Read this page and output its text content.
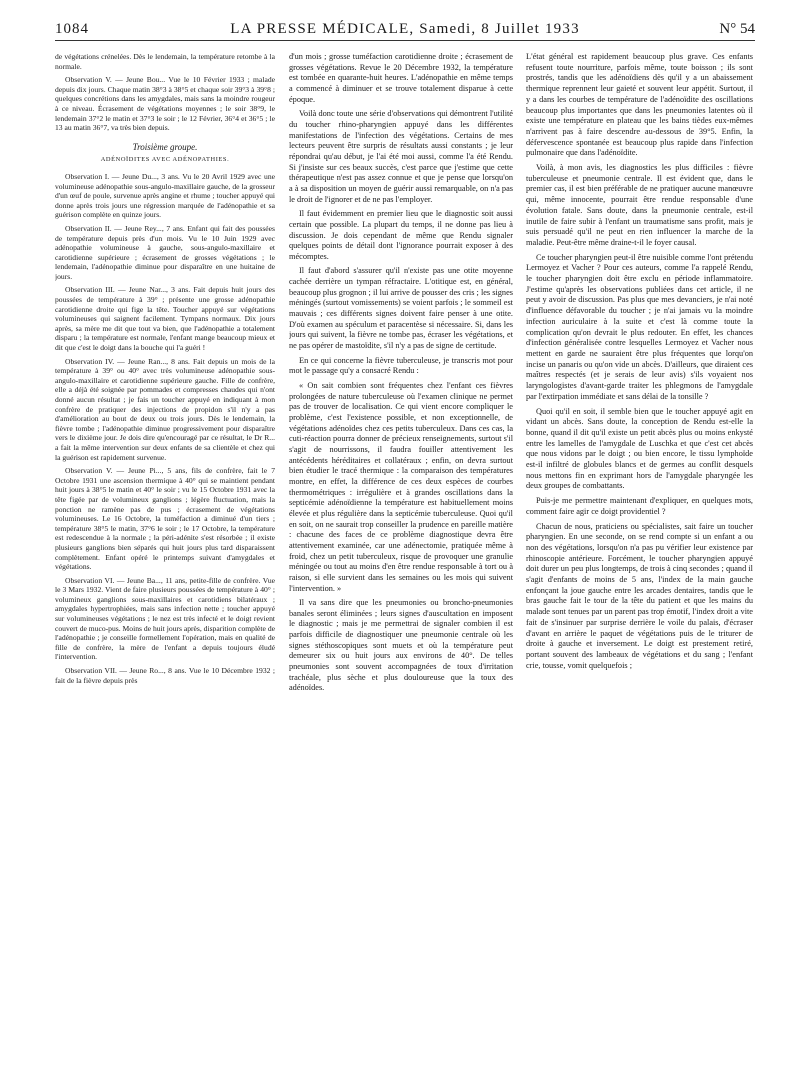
1084	LA PRESSE MÉDICALE, Samedi, 8 Juillet 1933	N° 54

de végétations crénelées. Dès le lendemain, la température retombe à la normale.

Observation V. — Jeune Bou... Vue le 10 Février 1933 ; malade depuis dix jours. Chaque matin 38°3 à 38°5 et chaque soir 39°3 à 39°8 ; quelques concrétions dans les amygdales, mais sans la moindre rougeur à ce niveau. Écrasement de végétations moyennes ; le soir 38°9, le lendemain 37°2 le matin et 37°3 le soir ; le 12 Février, 36°4 et 36°5 ; le 13 au matin 36°7, va très bien depuis.

Troisième groupe.
ADÉNOÏDITES AVEC ADÉNOPATHIES.

Observation I. — Jeune Du..., 3 ans. Vu le 20 Avril 1929 avec une volumineuse adénopathie sous-angulo-maxillaire gauche, de la grosseur d'un œuf de poule, survenue après angine et rhume ; toucher appuyé qui donne après trois jours une régression marquée de l'adénopathie et sa guérison complète en quinze jours.

Observation II. — Jeune Rey..., 7 ans. Enfant qui fait des poussées de température depuis près d'un mois. Vu le 10 Juin 1929 avec adénopathie volumineuse à gauche, sous-angulo-maxillaire et carotidienne supérieure ; écrasement de grosses végétations ; le lendemain, l'adénopathie diminue pour disparaître en une huitaine de jours.

Observation III. — Jeune Nar..., 3 ans. Fait depuis huit jours des poussées de température à 39° ; présente une grosse adénopathie carotidienne droite qui fige la tête. Toucher appuyé sur végétations volumineuses qui saignent facilement. Tympans normaux. Dix jours après, sa mère me dit que tout va bien, que l'adénopathie a totalement disparu ; la température est normale, l'enfant mange beaucoup mieux et dit que c'est le doigt dans la bouche qui l'a guéri !

Observation IV. — Jeune Ran..., 8 ans. Fait depuis un mois de la température à 39° ou 40° avec très volumineuse adénopathie sous-angulo-maxillaire et carotidienne supérieure gauche. Fille de confrère, elle a déjà été soignée par pommades et compresses chaudes qui n'ont donné aucun résultat ; je fais un toucher appuyé en indiquant à mon confrère de pratiquer des injections de propidon s'il n'y a pas d'amélioration au bout de deux ou trois jours. Dès le lendemain, la fièvre tombe ; l'adénopathie diminue progressivement pour disparaître vers le dixième jour. Je dois dire qu'encouragé par ce résultat, le Dr R... a fait la même intervention sur deux enfants de sa clientèle et chez qui la guérison est rapidement survenue.

Observation V. — Jeune Pi..., 5 ans, fils de confrère, fait le 7 Octobre 1931 une ascension thermique à 40° qui se maintient pendant huit jours à 38°5 le matin et 40° le soir ; vu le 15 Octobre 1931 avec la tête figée par de volumineux ganglions ; légère fluctuation, mais la ponction ne ramène pas de pus ; écrasement de végétations volumineuses. Le 16 Octobre, la tuméfaction a diminué d'un tiers ; température 38°5 le matin, 37°6 le soir ; le 17 Octobre, la température est redescendue à la normale ; la péri-adénite s'est résorbée ; il existe plusieurs ganglions bien séparés qui huit jours plus tard disparaissent complètement. Enfant opéré le printemps suivant d'amygdales et végétations.

Observation VI. — Jeune Ba..., 11 ans, petite-fille de confrère. Vue le 3 Mars 1932. Vient de faire plusieurs poussées de température à 40° ; volumineux ganglions sous-maxillaires et carotidiens bilatéraux ; amygdales hypertrophiées, mais sans infection nette ; toucher appuyé sur volumineuses végétations ; le nez est très infecté et le doigt revient couvert de muco-pus. Moins de huit jours après, disparition complète de l'adénopathie ; je conseille formellement l'opération, mais en qualité de fille de confrère, la mère de l'enfant a depuis toujours éludé l'intervention.

Observation VII. — Jeune Ro..., 8 ans. Vue le 10 Décembre 1932 ; fait de la fièvre depuis près

d'un mois ; grosse tuméfaction carotidienne droite ; écrasement de grosses végétations. Revue le 20 Décembre 1932, la température est tombée en quarante-huit heures. L'adénopathie en même temps a commencé à diminuer et se trouve totalement disparue à cette époque.

Voilà donc toute une série d'observations qui démontrent l'utilité du toucher rhino-pharyngien appuyé dans les différentes manifestations de l'infection des végétations. Certains de mes lecteurs peuvent être surpris de résultats aussi constants ; je leur répondrai qu'au début, je l'ai été moi aussi, comme l'a été Rendu. Si j'insiste sur ces beaux succès, c'est parce que j'estime que cette thérapeutique n'est pas assez connue et que je pense que lorsqu'on a à sa disposition un moyen de guérir aussi remarquable, on n'a pas le droit de l'ignorer et de ne pas l'employer.

Il faut évidemment en premier lieu que le diagnostic soit aussi certain que possible. La plupart du temps, il ne donne pas lieu à discussion. Je dois cependant de même que Rendu signaler quelques points de détail dont l'ignorance pourrait exposer à des mécomptes.

Il faut d'abord s'assurer qu'il n'existe pas une otite moyenne cachée derrière un tympan réfractaire. L'otitique est, en général, beaucoup plus grognon ; il lui arrive de pousser des cris ; les signes méningés (surtout vomissements) se voient parfois ; le sommeil est mauvais ; ces différents signes doivent faire penser à une otite. D'où examen au spéculum et paracentèse si nécessaire. Si, dans les jours qui suivent, la fièvre ne tombe pas, écraser les végétations, et ne pas opérer de mastoïdite, s'il n'y a pas de signe de certitude.

En ce qui concerne la fièvre tuberculeuse, je transcris mot pour mot le passage qu'y a consacré Rendu :

« On sait combien sont fréquentes chez l'enfant ces fièvres prolongées de nature tuberculeuse où l'examen clinique ne permet pas de trouver de localisation. Ce qui vient encore compliquer le problème, c'est l'existence possible, et non exceptionnelle, de végétations adénoïdes chez ces petits tuberculeux. Dans ces cas, la cuti-réaction pourra donner de précieux renseignements, surtout s'il s'agit de nourrissons, il faudra fouiller attentivement les antécédents héréditaires et collatéraux ; enfin, on devra surtout bien étudier le tracé thermique : la comparaison des températures montre, en effet, la différence de ces deux espèces de courbes thermométriques : irrégulière et à grandes oscillations dans la septicémie adénoïdienne la température est habituellement moins élevée et plus régulière dans la septicémie tuberculeuse. Quoi qu'il en soit, on ne saurait trop conseiller la prudence en pareille matière : chacune des faces de ce problème diagnostique devra être attentivement examinée, car une adénectomie, pratiquée même à froid, chez un petit tuberculeux, risque de provoquer une granulie méningée ou tout au moins d'en être rendue responsable à tort ou à raison, si elle survient dans les semaines ou les mois qui suivent l'intervention. »

Il va sans dire que les pneumonies ou broncho-pneumonies banales seront éliminées ; leurs signes d'auscultation en imposent le diagnostic ; mais je me permettrai de signaler combien il est parfois difficile de diagnostiquer une pneumonie centrale où les signes stéthoscopiques sont muets et où la température peut demeurer six ou huit jours aux environs de 40°. De telles pneumonies sont souvent accompagnées de toux d'irritation trachéale, plus sèche et plus douloureuse que la toux des adénoïdes.

L'état général est rapidement beaucoup plus grave. Ces enfants refusent toute nourriture, parfois même, toute boisson ; ils sont prostrés, tandis que les adénoïdiens dès qu'il y a un abaissement thermique reprennent leur gaieté et souvent leur appétit. Surtout, il y a dans les courbes de température de l'adénoïdite des oscillations beaucoup plus importantes que dans les pneumonies latentes où il existe une température en plateau que les bains tièdes eux-mêmes n'arrivent pas à faire descendre au-dessous de 39°5. Enfin, la défervescence spontanée est beaucoup plus rapide dans l'infection pulmonaire que dans l'adénoïdite.

Voilà, à mon avis, les diagnostics les plus difficiles : fièvre tuberculeuse et pneumonie centrale. Il est évident que, dans le premier cas, il est bien préférable de ne pratiquer aucune manœuvre qui, même innocente, pourrait être rendue responsable d'une évolution fatale. Sans doute, dans la pneumonie centrale, est-il inutile de faire subir à l'enfant un traumatisme sans profit, mais je suis persuadé qu'il ne peut en rien influencer la marche de la maladie. Peut-être même draine-t-il le foyer causal.

Ce toucher pharyngien peut-il être nuisible comme l'ont prétendu Lermoyez et Vacher ? Pour ces auteurs, comme l'a rappelé Rendu, le toucher pharyngien doit être exclu en période inflammatoire. J'estime qu'après les observations publiées dans cet article, il ne peut y avoir de discussion. Pas plus que mes devanciers, je n'ai noté d'influence défavorable du toucher ; je n'ai jamais vu la moindre infection auriculaire à la suite et c'est là comme toute la complication qu'on devrait le plus redouter. En effet, les chances d'infection généralisée contre lesquelles Lermoyez et Vacher nous mettent en garde ne sauraient être plus fréquentes que lorqu'on incise un panaris ou qu'on vide un abcès. D'ailleurs, que diraient ces maîtres respectés (et je serais de leur avis) s'ils voyaient nos laryngologistes d'avant-garde traiter les phlegmons de l'amygdale par l'extirpation immédiate et sans délai de la tonsille ?

Quoi qu'il en soit, il semble bien que le toucher appuyé agit en vidant un abcès. Sans doute, la conception de Rendu est-elle la bonne, quand il dit qu'il existe un petit abcès plus ou moins enkysté entre les lamelles de l'amygdale de Luschka et que c'est cet abcès que nous vidons par le doigt ; ou bien encore, le tissu lymphoïde est-il infiltré de globules blancs et de germes au conflit desquels nous mettons fin en exprimant hors de l'amygdale pharyngée les deux groupes de combattants.

Puis-je me permettre maintenant d'expliquer, en quelques mots, comment faire agir ce doigt providentiel ?

Chacun de nous, praticiens ou spécialistes, sait faire un toucher pharyngien. En une seconde, on se rend compte si un enfant a ou non des végétations, lorsqu'on n'a pas pu vérifier leur existence par rhinoscopie antérieure. Forcément, le toucher pharyngien appuyé doit durer un peu plus longtemps, de trois à cinq secondes ; quand il s'agit d'enfants de moins de 5 ans, l'index de la main gauche enfonçant la joue gauche entre les arcades dentaires, tandis que le bras gauche fait le tour de la tête du patient et que les mains du malade sont tenues par un parent pas trop émotif, l'index droit a vite fait de s'insinuer par surprise derrière le voile du palais, d'écraser d'avant en arrière le paquet de végétations puis de le triturer de droite à gauche et inversement. Le doigt est prestement retiré, portant souvent des lambeaux de végétations et du sang ; l'enfant crie, tousse, vomit quelquefois ;
